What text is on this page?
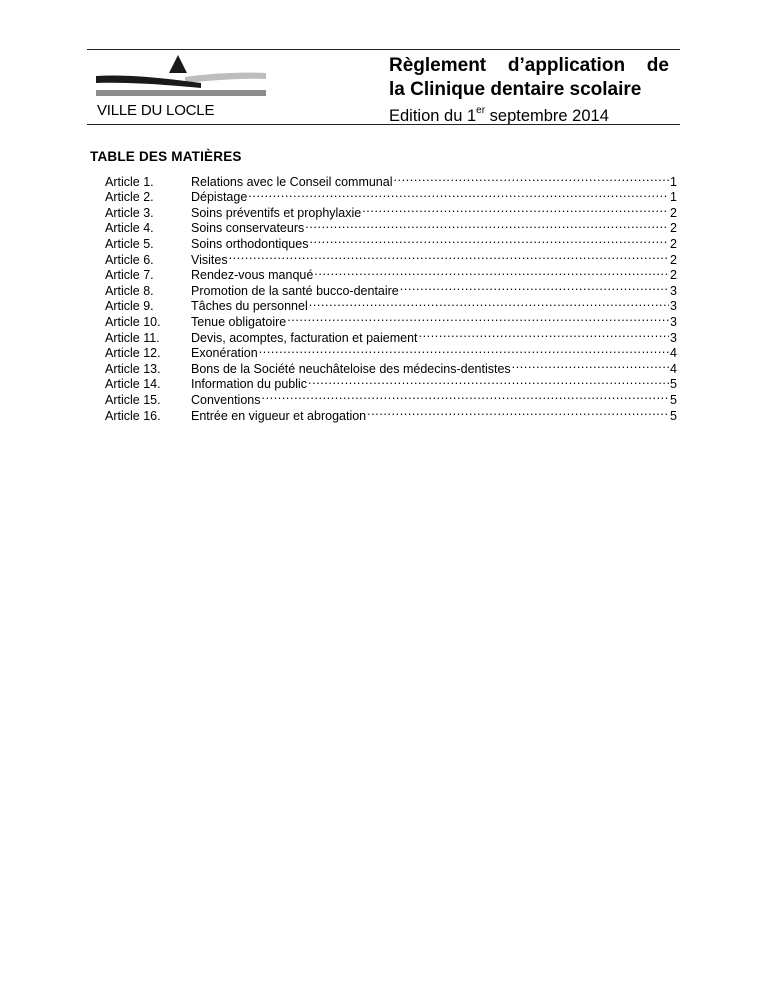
VILLE DU LOCLE
Règlement d’application de
la Clinique dentaire scolaire
Edition du 1er septembre 2014
TABLE DES MATIÈRES
Article 1.	Relations avec le Conseil communal .....	1
Article 2.	Dépistage .....	1
Article 3.	Soins préventifs et prophylaxie .....	2
Article 4.	Soins conservateurs .....	2
Article 5.	Soins orthodontiques .....	2
Article 6.	Visites .....	2
Article 7.	Rendez-vous manqué .....	2
Article 8.	Promotion de la santé bucco-dentaire .....	3
Article 9.	Tâches du personnel .....	3
Article 10.	Tenue obligatoire .....	3
Article 11.	Devis, acomptes, facturation et paiement .....	3
Article 12.	Exonération .....	4
Article 13.	Bons de la Société neuchâteloise des médecins-dentistes .....	4
Article 14.	Information du public .....	5
Article 15.	Conventions .....	5
Article 16.	Entrée en vigueur et abrogation .....	5
